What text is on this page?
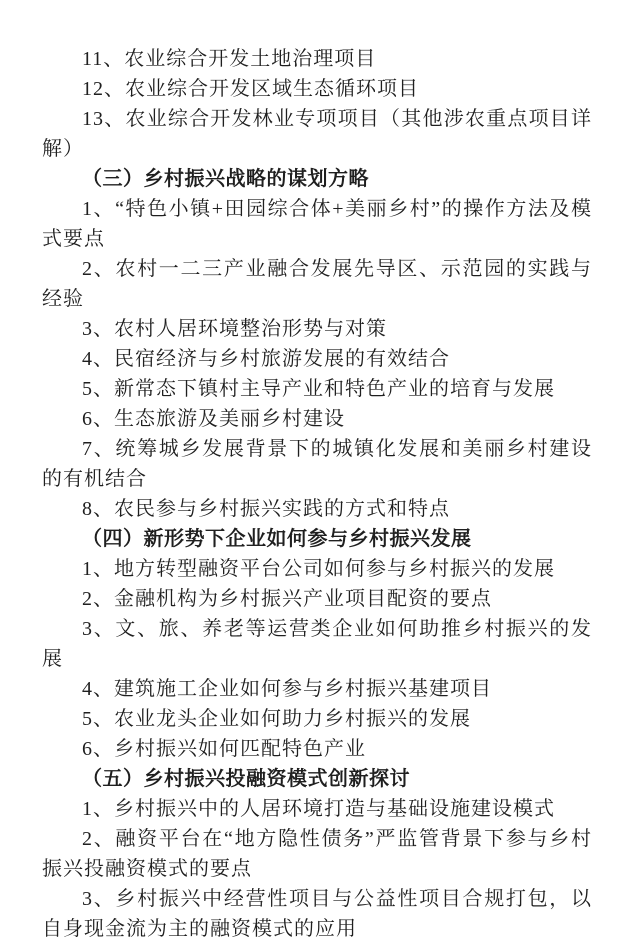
11、农业综合开发土地治理项目

12、农业综合开发区域生态循环项目

13、农业综合开发林业专项项目（其他涉农重点项目详解）

（三）乡村振兴战略的谋划方略

1、“特色小镇+田园综合体+美丽乡村”的操作方法及模式要点

2、农村一二三产业融合发展先导区、示范园的实践与经验

3、农村人居环境整治形势与对策

4、民宿经济与乡村旅游发展的有效结合

5、新常态下镇村主导产业和特色产业的培育与发展

6、生态旅游及美丽乡村建设

7、统筹城乡发展背景下的城镇化发展和美丽乡村建设的有机结合

8、农民参与乡村振兴实践的方式和特点

（四）新形势下企业如何参与乡村振兴发展

1、地方转型融资平台公司如何参与乡村振兴的发展

2、金融机构为乡村振兴产业项目配资的要点

3、文、旅、养老等运营类企业如何助推乡村振兴的发展

4、建筑施工企业如何参与乡村振兴基建项目

5、农业龙头企业如何助力乡村振兴的发展

6、乡村振兴如何匹配特色产业

（五）乡村振兴投融资模式创新探讨

1、乡村振兴中的人居环境打造与基础设施建设模式

2、融资平台在“地方隐性债务”严监管背景下参与乡村振兴投融资模式的要点

3、乡村振兴中经营性项目与公益性项目合规打包，以自身现金流为主的融资模式的应用
